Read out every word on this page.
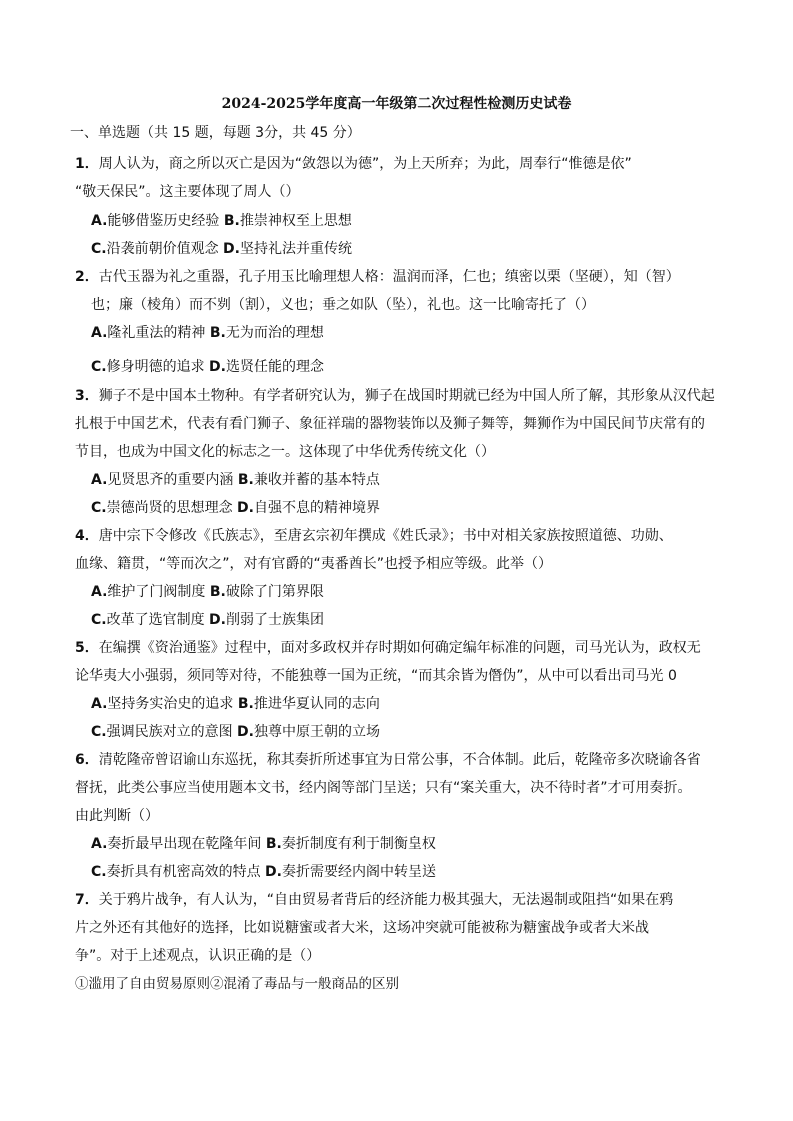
2024-2025学年度高一年级第二次过程性检测历史试卷
一、单选题（共 15 题，每题 3分，共 45 分）
1．周人认为，商之所以灭亡是因为“敛怨以为德”，为上天所弃；为此，周奉行“惟德是依”
“敬天保民”。这主要体现了周人（）
A.能够借鉴历史经验 B.推崇神权至上思想
C.沿袭前朝价值观念 D.坚持礼法并重传统
2．古代玉器为礼之重器，孔子用玉比喻理想人格：温润而泽，仁也；缜密以栗（坚硬），知（智）
也；廉（棱角）而不刿（割），义也；垂之如队（坠），礼也。这一比喻寄托了（）
A.隆礼重法的精神 B.无为而治的理想
C.修身明德的追求 D.选贤任能的理念
3．狮子不是中国本土物种。有学者研究认为，狮子在战国时期就已经为中国人所了解，其形象从汉代起
扎根于中国艺术，代表有看门狮子、象征祥瑞的器物装饰以及狮子舞等，舞狮作为中国民间节庆常有的
节目，也成为中国文化的标志之一。这体现了中华优秀传统文化（）
A.见贤思齐的重要内涵 B.兼收并蓄的基本特点
C.崇德尚贤的思想理念 D.自强不息的精神境界
4．唐中宗下令修改《氏族志》，至唐玄宗初年撰成《姓氏录》；书中对相关家族按照道德、功勋、
血缘、籍贯，“等而次之”，对有官爵的“夷番酋长”也授予相应等级。此举（）
A.维护了门阀制度 B.破除了门第界限
C.改革了选官制度 D.削弱了士族集团
5．在编撰《资治通鉴》过程中，面对多政权并存时期如何确定编年标准的问题，司马光认为，政权无
论华夷大小强弱，须同等对待，不能独尊一国为正统，“而其余皆为僭伪”，从中可以看出司马光 0
A.坚持务实治史的追求 B.推进华夏认同的志向
C.强调民族对立的意图 D.独尊中原王朝的立场
6．清乾隆帝曾诏谕山东巡抚，称其奏折所述事宜为日常公事，不合体制。此后，乾隆帝多次晓谕各省
督抚，此类公事应当使用题本文书，经内阁等部门呈送；只有“案关重大，决不待时者”才可用奏折。
由此判断（）
A.奏折最早出现在乾隆年间 B.奏折制度有利于制衡皇权
C.奏折具有机密高效的特点 D.奏折需要经内阁中转呈送
7．关于鸦片战争，有人认为，“自由贸易者背后的经济能力极其强大，无法遏制或阻挡“如果在鸦
片之外还有其他好的选择，比如说糖蜜或者大米，这场冲突就可能被称为糖蜜战争或者大米战
争”。对于上述观点，认识正确的是（）
①滥用了自由贸易原则②混淆了毒品与一般商品的区别
